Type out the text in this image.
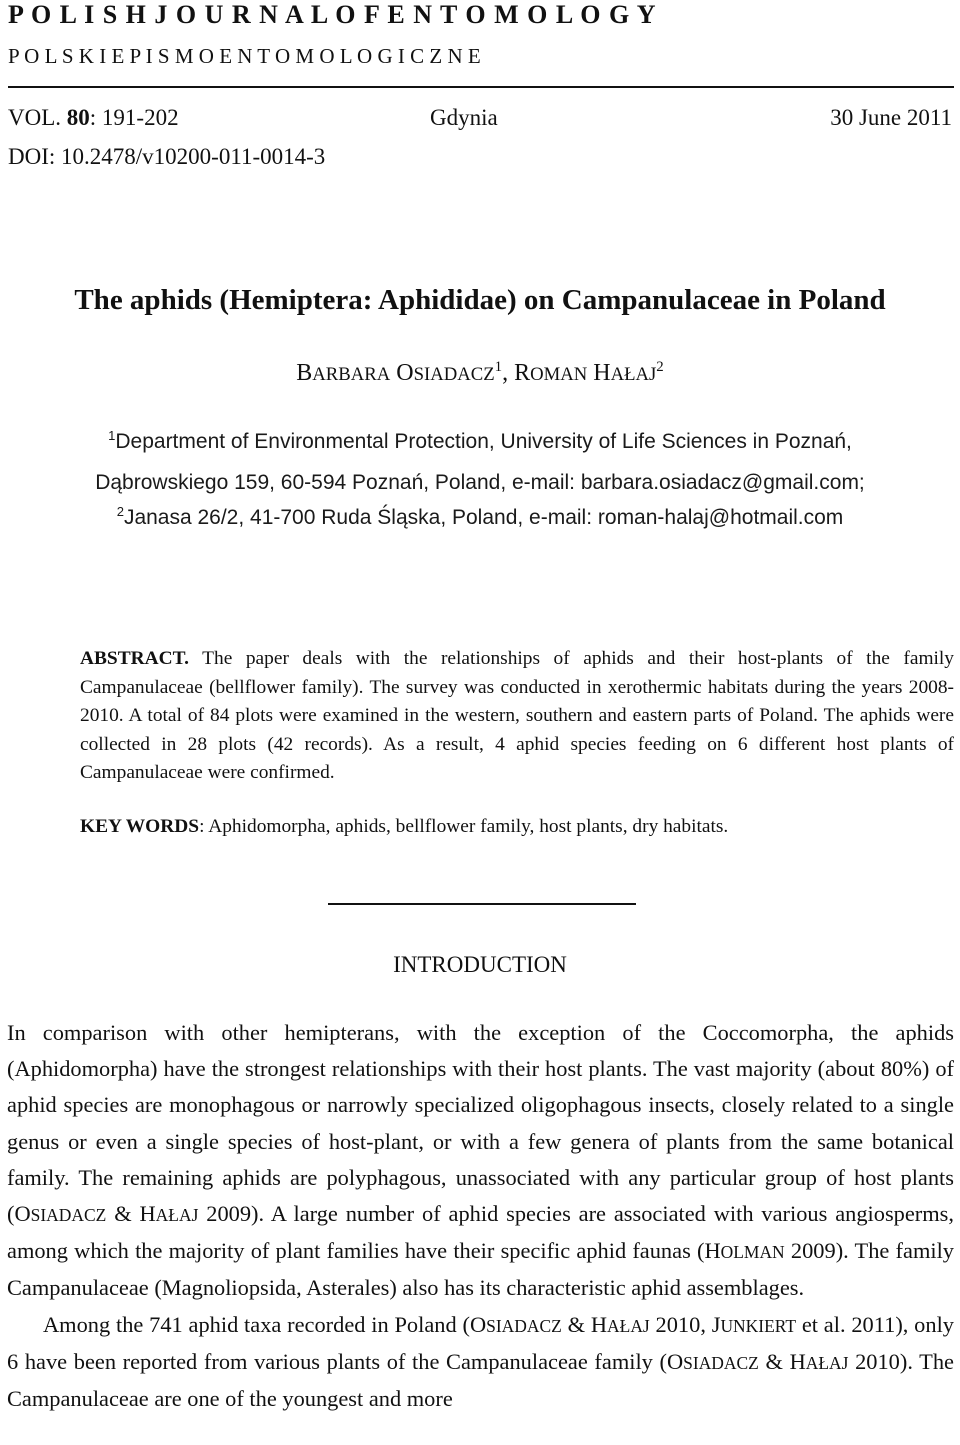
P O L I S H J O U R N A L O F E N T O M O L O G Y
P O L S K I E P I S M O E N T O M O L O G I C Z N E
VOL. 80: 191-202	Gdynia	30 June 2011
DOI: 10.2478/v10200-011-0014-3
The aphids (Hemiptera: Aphididae) on Campanulaceae in Poland
BARBARA OSIADACZ$^1$, ROMAN HAŁAJ$^2$
$^1$Department of Environmental Protection, University of Life Sciences in Poznań,
Dąbrowskiego 159, 60-594 Poznań, Poland, e-mail: barbara.osiadacz@gmail.com;
$^2$Janasa 26/2, 41-700 Ruda Śląska, Poland, e-mail: roman-halaj@hotmail.com
ABSTRACT. The paper deals with the relationships of aphids and their host-plants of the family Campanulaceae (bellflower family). The survey was conducted in xerothermic habitats during the years 2008-2010. A total of 84 plots were examined in the western, southern and eastern parts of Poland. The aphids were collected in 28 plots (42 records). As a result, 4 aphid species feeding on 6 different host plants of Campanulaceae were confirmed.
KEY WORDS: Aphidomorpha, aphids, bellflower family, host plants, dry habitats.
INTRODUCTION

In comparison with other hemipterans, with the exception of the Coccomorpha, the aphids (Aphidomorpha) have the strongest relationships with their host plants. The vast majority (about 80%) of aphid species are monophagous or narrowly specialized oligophagous insects, closely related to a single genus or even a single species of host-plant, or with a few genera of plants from the same botanical family. The remaining aphids are polyphagous, unassociated with any particular group of host plants (OSIADACZ & HAŁAJ 2009). A large number of aphid species are associated with various angiosperms, among which the majority of plant families have their specific aphid faunas (HOLMAN 2009). The family Campanulaceae (Magnoliopsida, Asterales) also has its characteristic aphid assemblages.

Among the 741 aphid taxa recorded in Poland (OSIADACZ & HAŁAJ 2010, JUNKIERT et al. 2011), only 6 have been reported from various plants of the Campanulaceae family (OSIADACZ & HAŁAJ 2010). The Campanulaceae are one of the youngest and more
